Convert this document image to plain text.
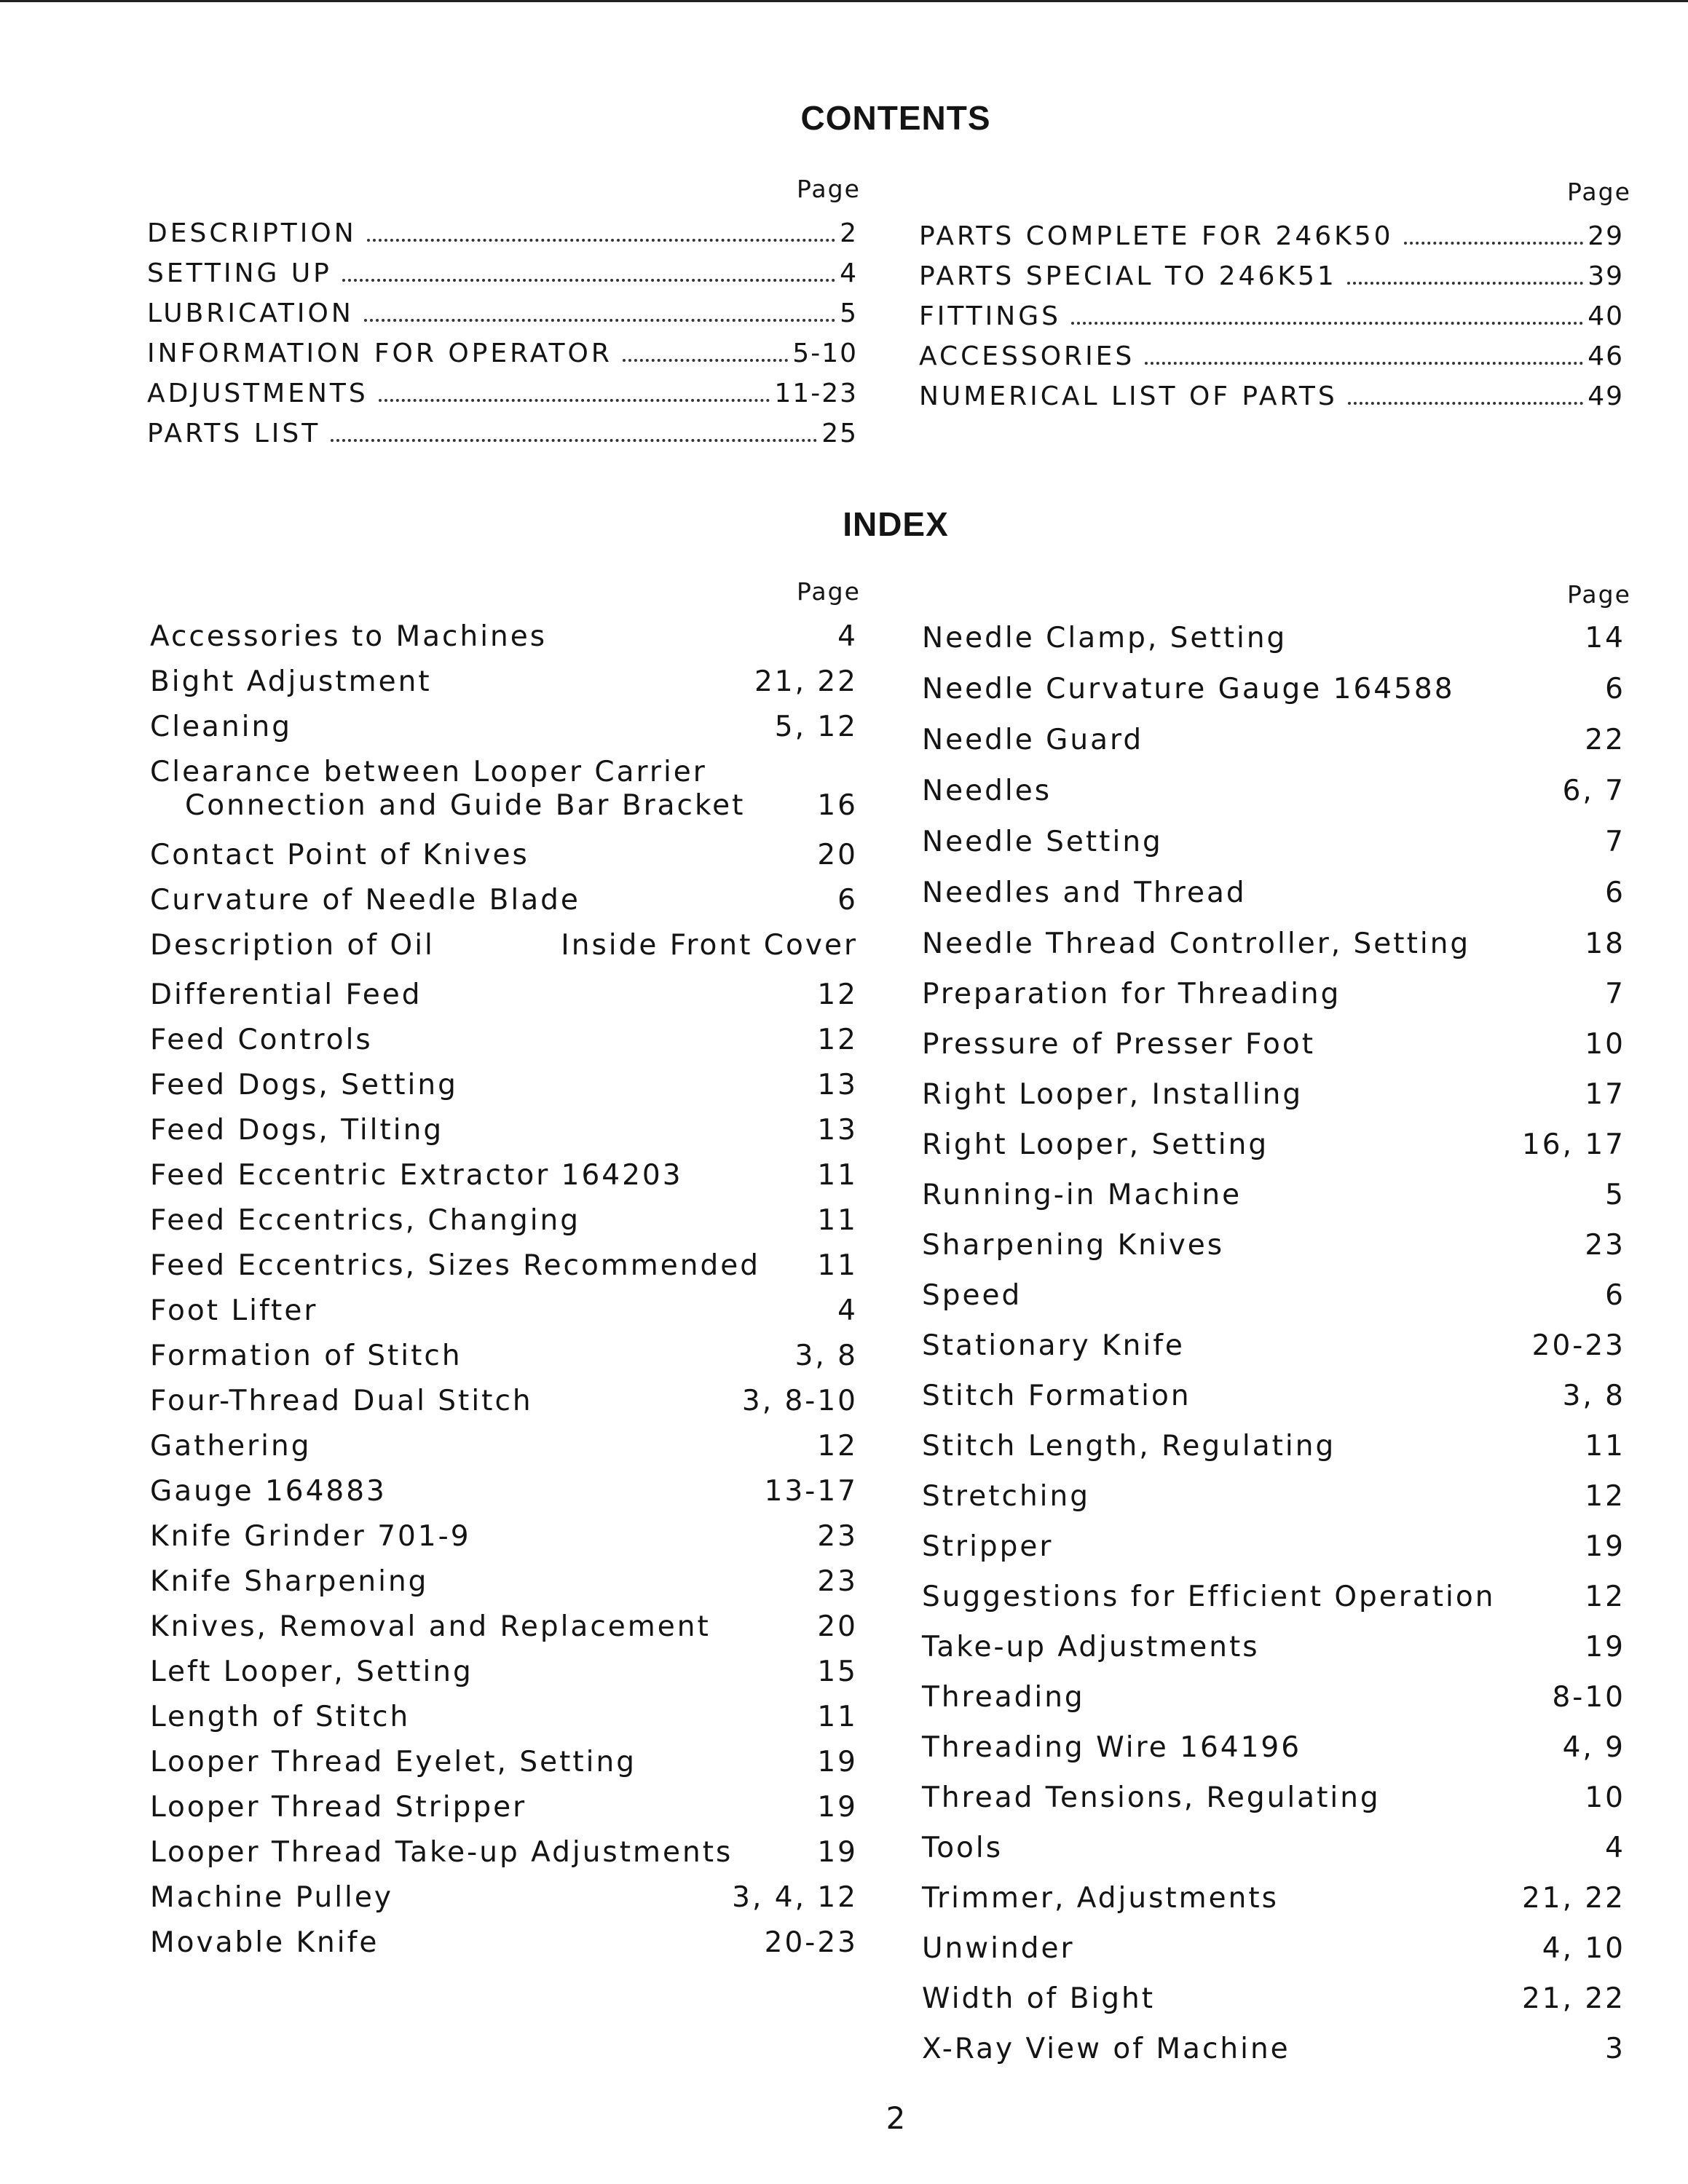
CONTENTS
Page	Page
DESCRIPTION	2
SETTING UP	4
LUBRICATION	5
INFORMATION FOR OPERATOR	5-10
ADJUSTMENTS	11-23
PARTS LIST	25
PARTS COMPLETE FOR 246K50	29
PARTS SPECIAL TO 246K51	39
FITTINGS	40
ACCESSORIES	46
NUMERICAL LIST OF PARTS	49
INDEX
Page	Page
Accessories to Machines	4
Bight Adjustment	21, 22
Cleaning	5, 12
Clearance between Looper Carrier
Connection and Guide Bar Bracket	16
Contact Point of Knives	20
Curvature of Needle Blade	6
Description of Oil	Inside Front Cover
Differential Feed	12
Feed Controls	12
Feed Dogs, Setting	13
Feed Dogs, Tilting	13
Feed Eccentric Extractor 164203	11
Feed Eccentrics, Changing	11
Feed Eccentrics, Sizes Recommended 11
Foot Lifter	4
Formation of Stitch	3, 8
Four-Thread Dual Stitch	3, 8-10
Gathering	12
Gauge 164883	13-17
Knife Grinder 701-9	23
Knife Sharpening	23
Knives, Removal and Replacement	20
Left Looper, Setting	15
Length of Stitch	11
Looper Thread Eyelet, Setting	19
Looper Thread Stripper	19
Looper Thread Take-up Adjustments	19
Machine Pulley	3, 4, 12
Movable Knife	20-23
Needle Clamp, Setting	14
Needle Curvature Gauge 164588	6
Needle Guard	22
Needles	6, 7
Needle Setting	7
Needles and Thread	6
Needle Thread Controller, Setting	18
Preparation for Threading	7
Pressure of Presser Foot	10
Right Looper, Installing	17
Right Looper, Setting	16, 17
Running-in Machine	5
Sharpening Knives	23
Speed	6
Stationary Knife	20-23
Stitch Formation	3, 8
Stitch Length, Regulating	11
Stretching	12
Stripper	19
Suggestions for Efficient Operation	12
Take-up Adjustments	19
Threading	8-10
Threading Wire 164196	4, 9
Thread Tensions, Regulating	10
Tools	4
Trimmer, Adjustments	21, 22
Unwinder	4, 10
Width of Bight	21, 22
X-Ray View of Machine	3
2
